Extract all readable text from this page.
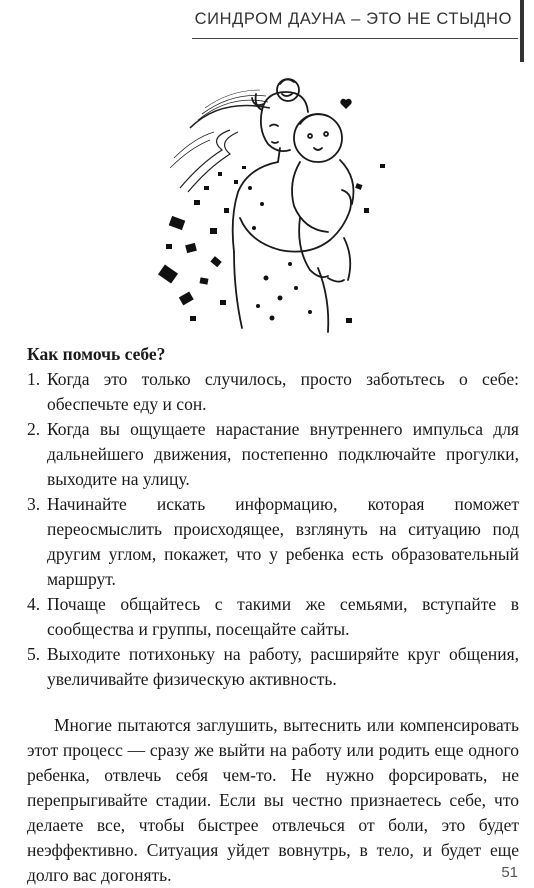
СИНДРОМ ДАУНА – ЭТО НЕ СТЫДНО
Как помочь себе?
1. Когда это только случилось, просто заботьтесь о себе: обеспечьте еду и сон.
2. Когда вы ощущаете нарастание внутреннего импульса для дальнейшего движения, постепенно подключайте прогулки, выходите на улицу.
3. Начинайте искать информацию, которая поможет переосмыслить происходящее, взглянуть на ситуацию под другим углом, покажет, что у ребенка есть образовательный маршрут.
4. Почаще общайтесь с такими же семьями, вступайте в сообщества и группы, посещайте сайты.
5. Выходите потихоньку на работу, расширяйте круг общения, увеличивайте физическую активность.

Многие пытаются заглушить, вытеснить или компенсировать этот процесс — сразу же выйти на работу или родить еще одного ребенка, отвлечь себя чем-то. Не нужно форсировать, не перепрыгивайте стадии. Если вы честно признаетесь себе, что делаете все, чтобы быстрее отвлечься от боли, это будет неэффективно. Ситуация уйдет вовнутрь, в тело, и будет еще долго вас догонять.	51
